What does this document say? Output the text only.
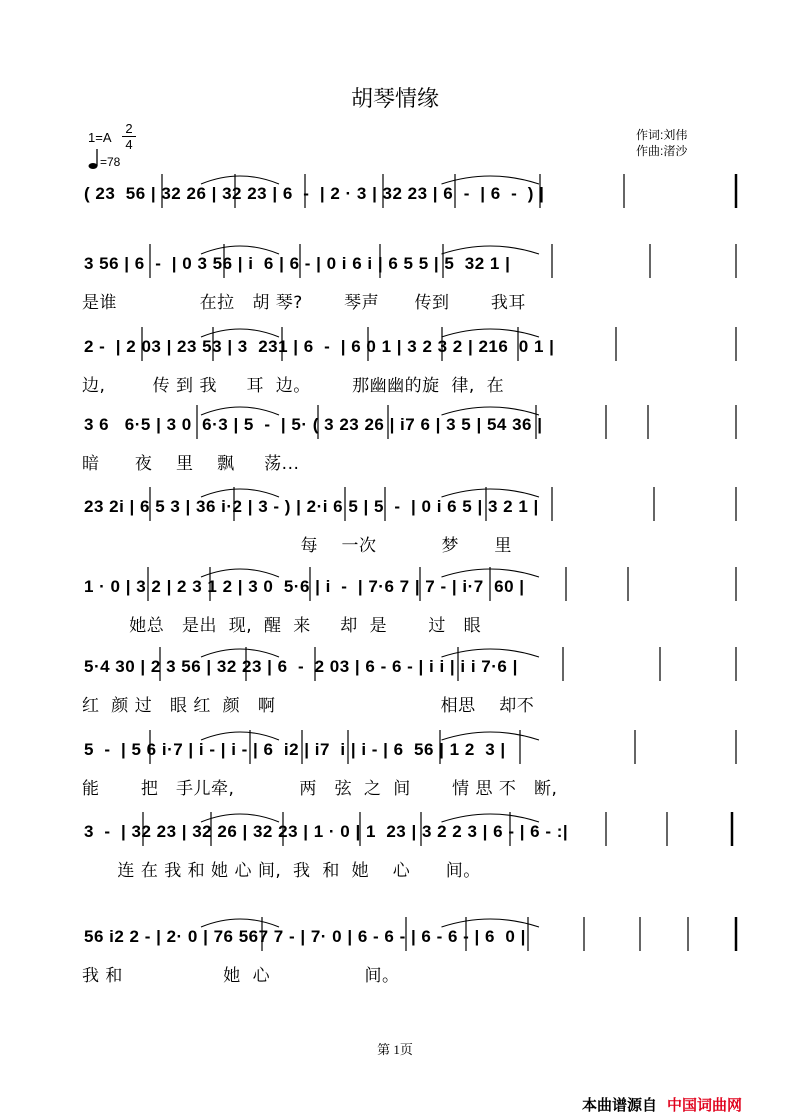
胡琴情缘
1=A
2
4
=78
作词:刘伟
作曲:渚沙
( 23  56 | 32 26 | 32 23 | 6  -  | 2 · 3 | 32 23 | 6  -  | 6  -  ) |
3 56 | 6  -  | 0 3 56 | i  6 | 6 - | 0 i 6 i | 6 5 5 | 5  32 1 |
是谁              在拉   胡 琴?       琴声      传到       我耳
2 -  | 2 03 | 23 53 | 3  231 | 6  -  | 6 0 1 | 3 2 3 2 | 216  0 1 |
边,        传 到 我     耳  边。       那幽幽的旋  律,  在
3 6   6·5 | 3 0  6·3 | 5  -  | 5· ( 3 23 26 | i7 6 | 3 5 | 54 36 |
暗      夜    里    飘     荡...
23 2i | 6 5 3 | 36 i·2 | 3 - ) | 2·i 6 5 | 5  -  | 0 i 6 5 | 3 2 1 |
每    一次           梦      里
1 · 0 | 3 2 | 2 3 1 2 | 3 0  5·6 | i  -  | 7·6 7 | 7 - | i·7  60 |
她总   是出  现,  醒  来     却  是       过   眼
5·4 30 | 2 3 56 | 32 23 | 6  -  2 03 | 6 - 6 - | i i | i i 7·6 |
红  颜 过   眼 红  颜   啊                            相思    却不
5  -  | 5 6 i·7 | i - | i - | 6  i2 | i7  i | i - | 6  56 | 1 2  3 |
能       把   手儿牵,           两   弦  之  间       情 思 不   断,
3  -  | 32 23 | 32 26 | 32 23 | 1 · 0 | 1  23 | 3 2 2 3 | 6 - | 6 - :|
连 在 我 和 她 心 间,  我  和  她    心      间。
56 i2 2 - | 2· 0 | 76 567 7 - | 7· 0 | 6 - 6 - | 6 - 6 - | 6  0 |
我 和                 她  心                间。
第 1页
本曲谱源自 中国词曲网
